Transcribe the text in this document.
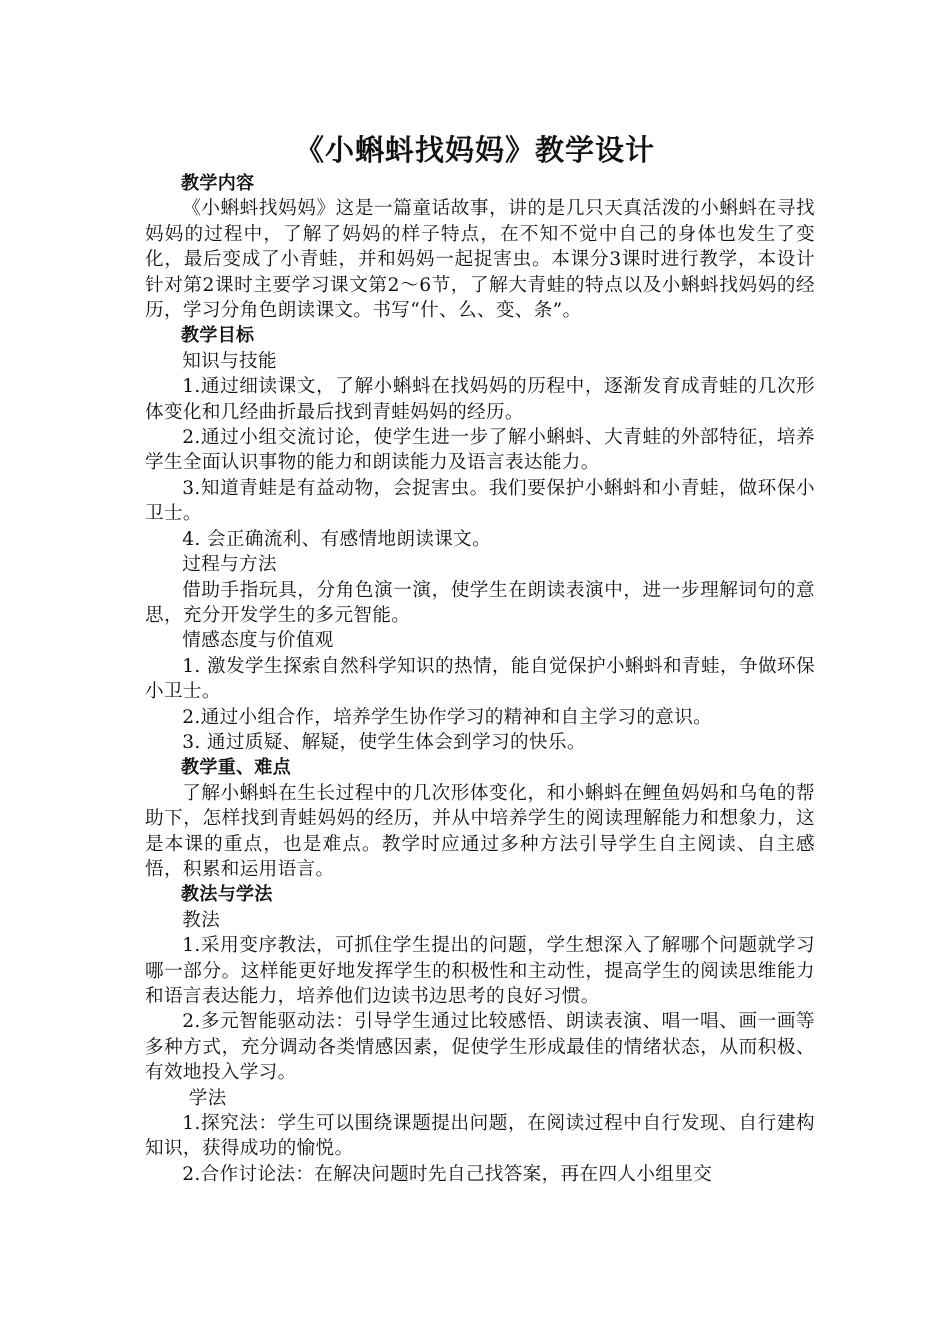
《小蝌蚪找妈妈》教学设计

教学内容

《小蝌蚪找妈妈》这是一篇童话故事，讲的是几只天真活泼的小蝌蚪在寻找妈妈的过程中，了解了妈妈的样子特点，在不知不觉中自己的身体也发生了变化，最后变成了小青蛙，并和妈妈一起捉害虫。本课分3课时进行教学，本设计针对第2课时主要学习课文第2～6节，了解大青蛙的特点以及小蝌蚪找妈妈的经历，学习分角色朗读课文。书写“什、么、变、条”。

教学目标

知识与技能

1.通过细读课文，了解小蝌蚪在找妈妈的历程中，逐渐发育成青蛙的几次形体变化和几经曲折最后找到青蛙妈妈的经历。

2.通过小组交流讨论，使学生进一步了解小蝌蚪、大青蛙的外部特征，培养学生全面认识事物的能力和朗读能力及语言表达能力。

3.知道青蛙是有益动物，会捉害虫。我们要保护小蝌蚪和小青蛙，做环保小卫士。

4. 会正确流利、有感情地朗读课文。

过程与方法

借助手指玩具，分角色演一演，使学生在朗读表演中，进一步理解词句的意思，充分开发学生的多元智能。

情感态度与价值观

1. 激发学生探索自然科学知识的热情，能自觉保护小蝌蚪和青蛙，争做环保小卫士。

2.通过小组合作，培养学生协作学习的精神和自主学习的意识。

3. 通过质疑、解疑，使学生体会到学习的快乐。

教学重、难点

了解小蝌蚪在生长过程中的几次形体变化，和小蝌蚪在鲤鱼妈妈和乌龟的帮助下，怎样找到青蛙妈妈的经历，并从中培养学生的阅读理解能力和想象力，这是本课的重点，也是难点。教学时应通过多种方法引导学生自主阅读、自主感悟，积累和运用语言。

教法与学法

教法

1.采用变序教法，可抓住学生提出的问题，学生想深入了解哪个问题就学习哪一部分。这样能更好地发挥学生的积极性和主动性，提高学生的阅读思维能力和语言表达能力，培养他们边读书边思考的良好习惯。

2.多元智能驱动法：引导学生通过比较感悟、朗读表演、唱一唱、画一画等多种方式，充分调动各类情感因素，促使学生形成最佳的情绪状态，从而积极、有效地投入学习。

学法

1.探究法：学生可以围绕课题提出问题，在阅读过程中自行发现、自行建构知识，获得成功的愉悦。

2.合作讨论法：在解决问题时先自己找答案，再在四人小组里交
